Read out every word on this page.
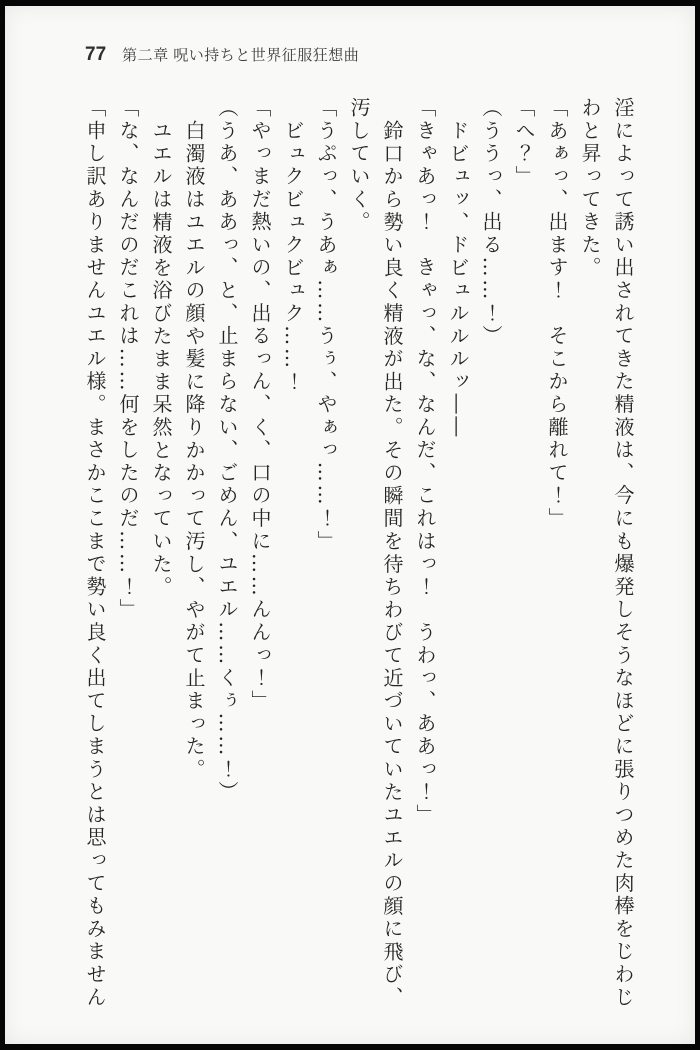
77 第二章 呪い持ちと世界征服狂想曲

淫によって誘い出されてきた精液は、今にも爆発しそうなほどに張りつめた肉棒をじわじわと昇ってきた。

「あぁっ、出ます！　そこから離れて！」

「へ？」

（ううっ、出る……！）

ドビュッ、ドビュルルルッ――

「きゃあっ！　きゃっ、な、なんだ、これはっ！　うわっ、ああっ！」

鈴口から勢い良く精液が出た。その瞬間を待ちわびて近づいていたユエルの顔に飛び、汚していく。

「うぷっ、うあぁ……うぅ、やぁっ……！」

ビュクビュクビュク……！

「やっまだ熱いの、出るっん、く、口の中に……んんっ！」

（うあ、ああっ、と、止まらない、ごめん、ユエル……くぅ……！）

白濁液はユエルの顔や髪に降りかかって汚し、やがて止まった。

ユエルは精液を浴びたまま呆然となっていた。

「な、なんだのだこれは……何をしたのだ……！」

「申し訳ありませんユエル様。まさかここまで勢い良く出てしまうとは思ってもみません
